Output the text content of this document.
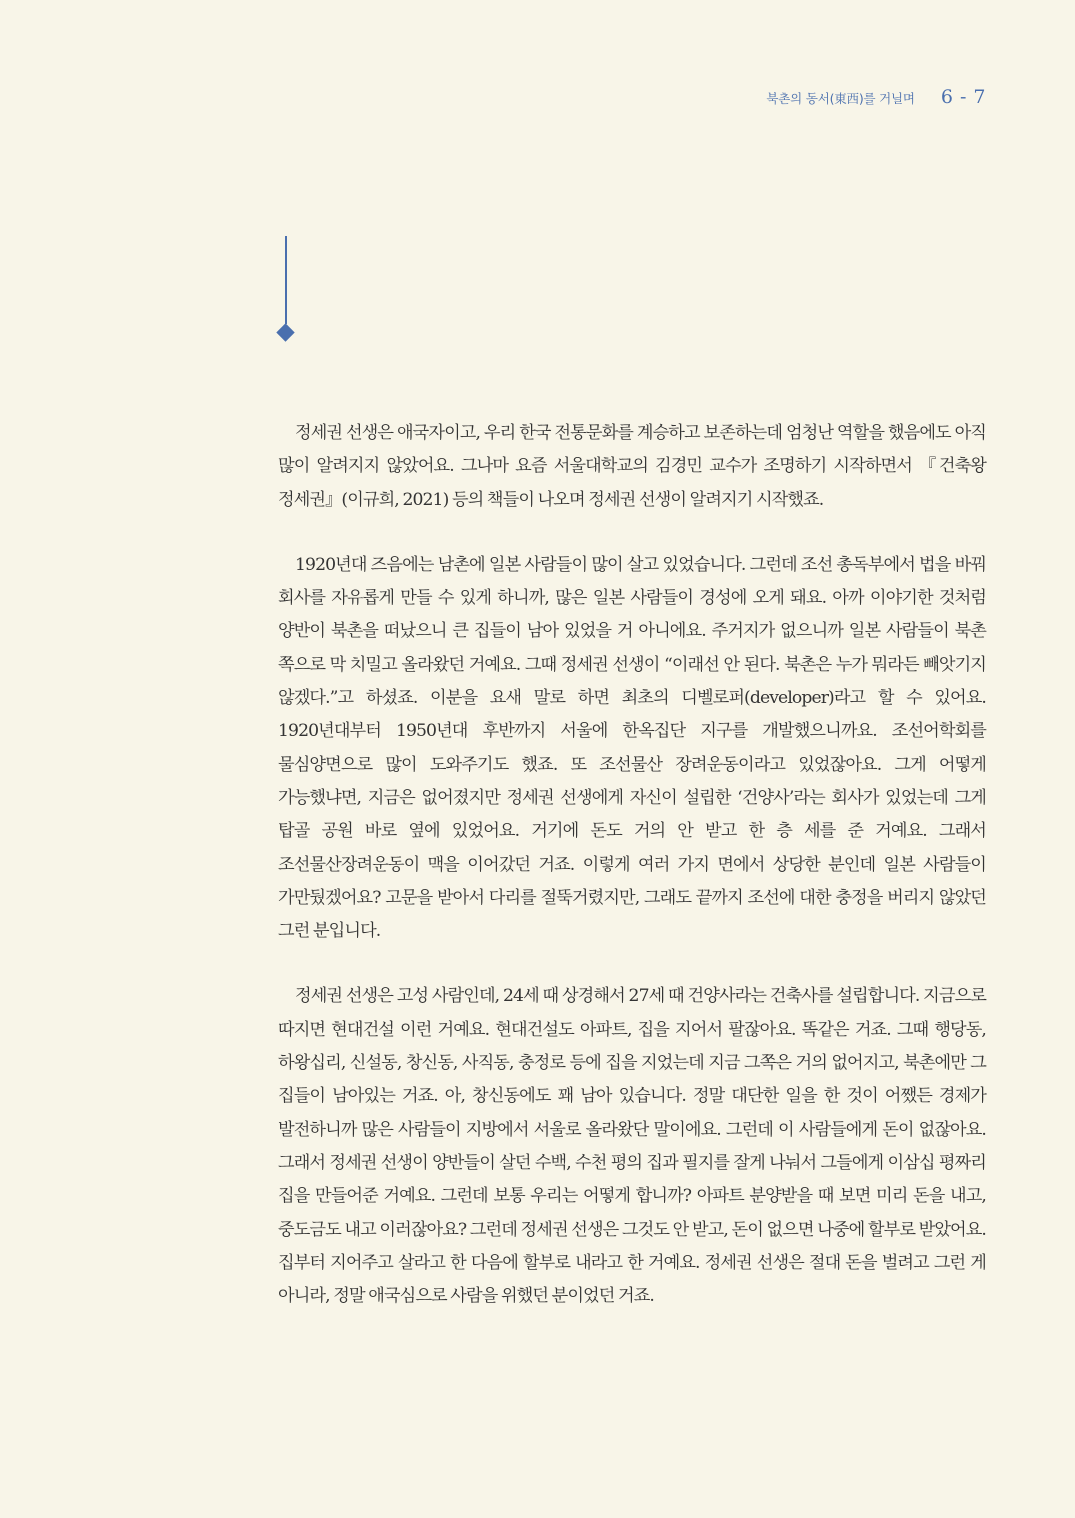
북촌의 동서(東西)를 거닐며 6 - 7

정세권 선생은 애국자이고, 우리 한국 전통문화를 계승하고 보존하는데 엄청난 역할을 했음에도 아직 많이 알려지지 않았어요. 그나마 요즘 서울대학교의 김경민 교수가 조명하기 시작하면서 『건축왕 정세권』(이규희, 2021) 등의 책들이 나오며 정세권 선생이 알려지기 시작했죠.

1920년대 즈음에는 남촌에 일본 사람들이 많이 살고 있었습니다. 그런데 조선 총독부에서 법을 바꿔 회사를 자유롭게 만들 수 있게 하니까, 많은 일본 사람들이 경성에 오게 돼요. 아까 이야기한 것처럼 양반이 북촌을 떠났으니 큰 집들이 남아 있었을 거 아니에요. 주거지가 없으니까 일본 사람들이 북촌 쪽으로 막 치밀고 올라왔던 거예요. 그때 정세권 선생이 “이래선 안 된다. 북촌은 누가 뭐라든 빼앗기지 않겠다.”고 하셨죠. 이분을 요새 말로 하면 최초의 디벨로퍼(developer)라고 할 수 있어요. 1920년대부터 1950년대 후반까지 서울에 한옥집단 지구를 개발했으니까요. 조선어학회를 물심양면으로 많이 도와주기도 했죠. 또 조선물산 장려운동이라고 있었잖아요. 그게 어떻게 가능했냐면, 지금은 없어졌지만 정세권 선생에게 자신이 설립한 ‘건양사’라는 회사가 있었는데 그게 탑골 공원 바로 옆에 있었어요. 거기에 돈도 거의 안 받고 한 층 세를 준 거예요. 그래서 조선물산장려운동이 맥을 이어갔던 거죠. 이렇게 여러 가지 면에서 상당한 분인데 일본 사람들이 가만뒀겠어요? 고문을 받아서 다리를 절뚝거렸지만, 그래도 끝까지 조선에 대한 충정을 버리지 않았던 그런 분입니다.

정세권 선생은 고성 사람인데, 24세 때 상경해서 27세 때 건양사라는 건축사를 설립합니다. 지금으로 따지면 현대건설 이런 거예요. 현대건설도 아파트, 집을 지어서 팔잖아요. 똑같은 거죠. 그때 행당동, 하왕십리, 신설동, 창신동, 사직동, 충정로 등에 집을 지었는데 지금 그쪽은 거의 없어지고, 북촌에만 그 집들이 남아있는 거죠. 아, 창신동에도 꽤 남아 있습니다. 정말 대단한 일을 한 것이 어쨌든 경제가 발전하니까 많은 사람들이 지방에서 서울로 올라왔단 말이에요. 그런데 이 사람들에게 돈이 없잖아요. 그래서 정세권 선생이 양반들이 살던 수백, 수천 평의 집과 필지를 잘게 나눠서 그들에게 이삼십 평짜리 집을 만들어준 거예요. 그런데 보통 우리는 어떻게 합니까? 아파트 분양받을 때 보면 미리 돈을 내고, 중도금도 내고 이러잖아요? 그런데 정세권 선생은 그것도 안 받고, 돈이 없으면 나중에 할부로 받았어요. 집부터 지어주고 살라고 한 다음에 할부로 내라고 한 거예요. 정세권 선생은 절대 돈을 벌려고 그런 게 아니라, 정말 애국심으로 사람을 위했던 분이었던 거죠.
